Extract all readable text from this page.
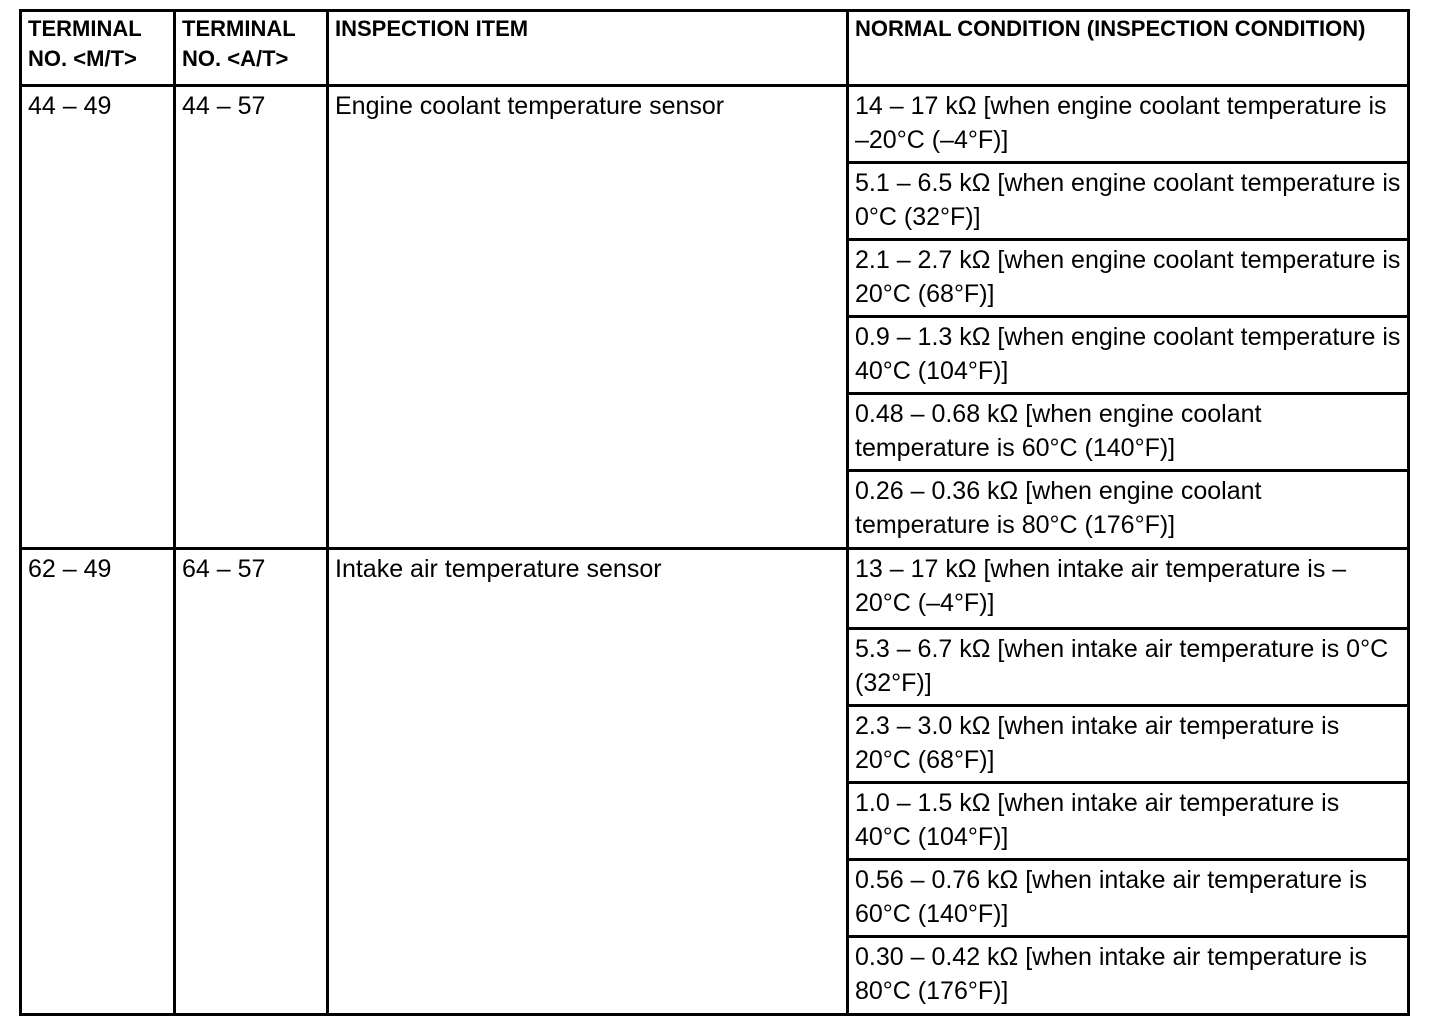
TERMINAL NO. <M/T>	TERMINAL NO. <A/T>	INSPECTION ITEM	NORMAL CONDITION (INSPECTION CONDITION)
44 – 49	44 – 57	Engine coolant temperature sensor	14 – 17 kΩ [when engine coolant temperature is –20°C (–4°F)]
			5.1 – 6.5 kΩ [when engine coolant temperature is 0°C (32°F)]
			2.1 – 2.7 kΩ [when engine coolant temperature is 20°C (68°F)]
			0.9 – 1.3 kΩ [when engine coolant temperature is 40°C (104°F)]
			0.48 – 0.68 kΩ [when engine coolant temperature is 60°C (140°F)]
			0.26 – 0.36 kΩ [when engine coolant temperature is 80°C (176°F)]
62 – 49	64 – 57	Intake air temperature sensor	13 – 17 kΩ [when intake air temperature is –20°C (–4°F)]
			5.3 – 6.7 kΩ [when intake air temperature is 0°C (32°F)]
			2.3 – 3.0 kΩ [when intake air temperature is 20°C (68°F)]
			1.0 – 1.5 kΩ [when intake air temperature is 40°C (104°F)]
			0.56 – 0.76 kΩ [when intake air temperature is 60°C (140°F)]
			0.30 – 0.42 kΩ [when intake air temperature is 80°C (176°F)]
